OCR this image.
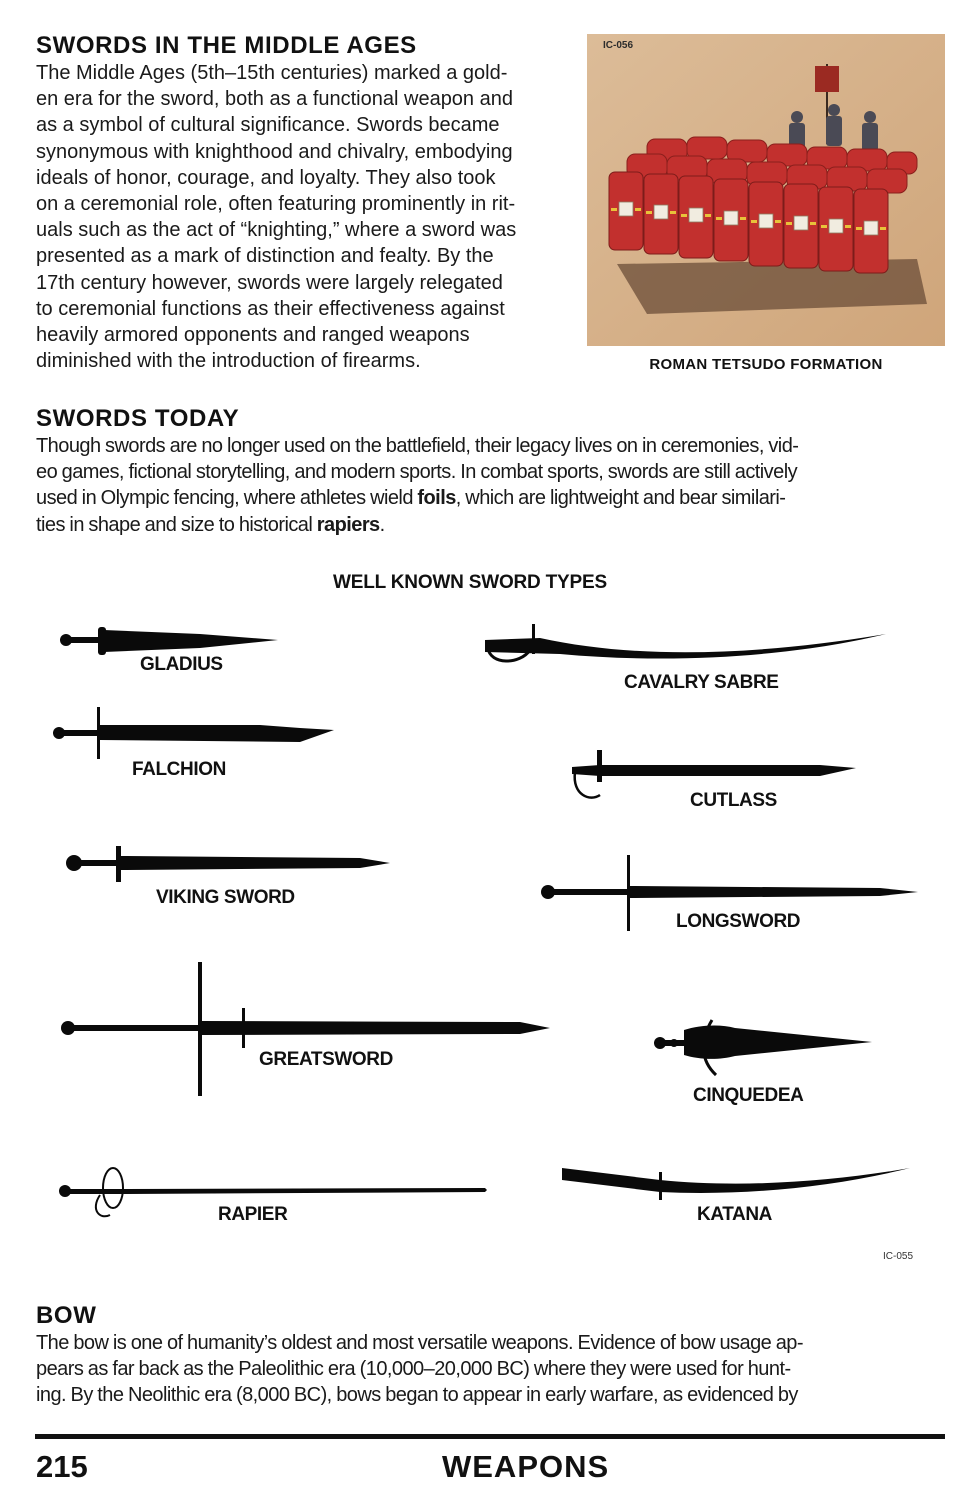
SWORDS IN THE MIDDLE AGES
The Middle Ages (5th–15th centuries) marked a gold-
en era for the sword, both as a functional weapon and
as a symbol of cultural significance. Swords became
synonymous with knighthood and chivalry, embodying
ideals of honor, courage, and loyalty. They also took
on a ceremonial role, often featuring prominently in rit-
uals such as the act of “knighting,” where a sword was
presented as a mark of distinction and fealty. By the
17th century however, swords were largely relegated
to ceremonial functions as their effectiveness against
heavily armored opponents and ranged weapons
diminished with the introduction of firearms.
IC-056
ROMAN TETSUDO FORMATION
SWORDS TODAY
Though swords are no longer used on the battlefield, their legacy lives on in ceremonies, vid-
eo games, fictional storytelling, and modern sports. In combat sports, swords are still actively
used in Olympic fencing, where athletes wield foils, which are lightweight and bear similari-
ties in shape and size to historical rapiers.
WELL KNOWN SWORD TYPES
GLADIUS
CAVALRY SABRE
FALCHION
CUTLASS
VIKING SWORD
LONGSWORD
GREATSWORD
CINQUEDEA
RAPIER	KATANA
IC-055
BOW
The bow is one of humanity’s oldest and most versatile weapons. Evidence of bow usage ap-
pears as far back as the Paleolithic era (10,000–20,000 BC) where they were used for hunt-
ing. By the Neolithic era (8,000 BC), bows began to appear in early warfare, as evidenced by
215	WEAPONS
